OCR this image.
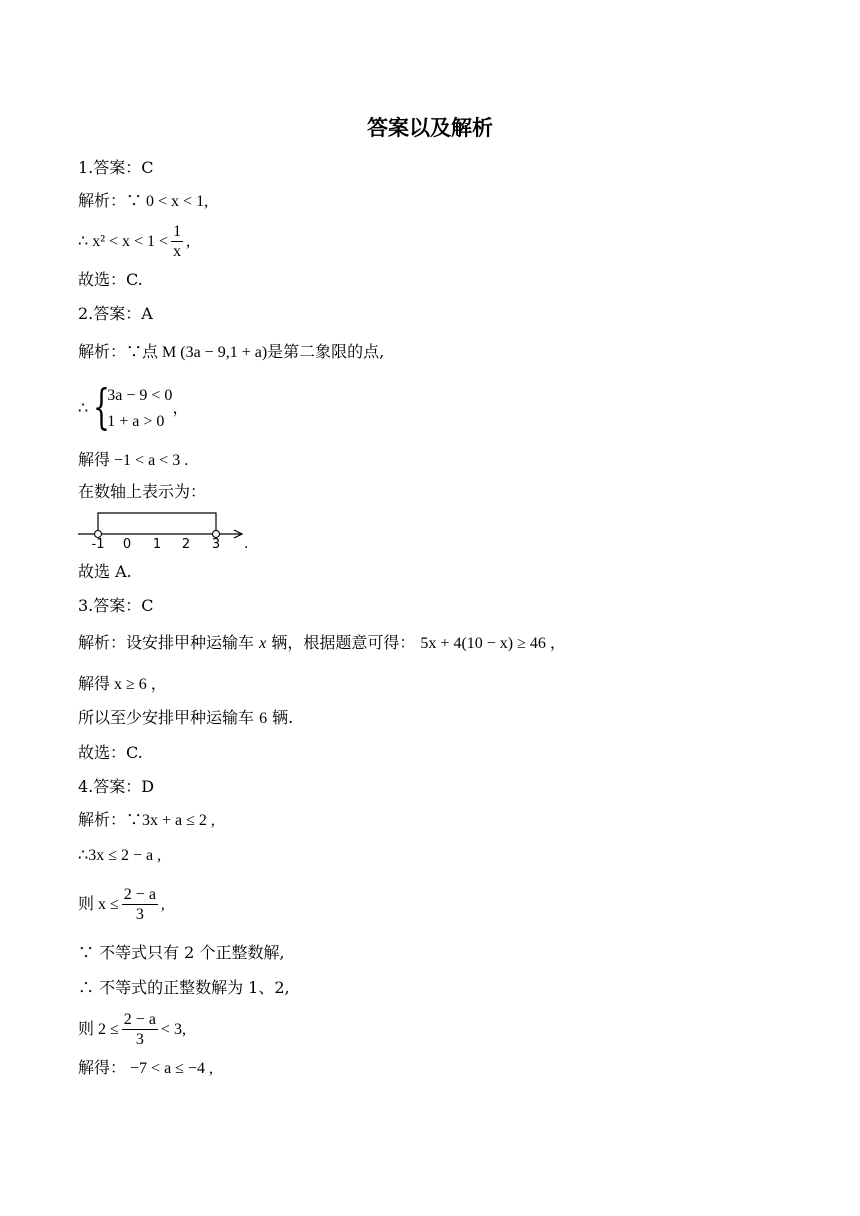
答案以及解析
1.答案：C
解析：∵ 0 < x < 1,
∴ $x^2 < x < 1 < \frac{1}{x}$ ,
故选：C.
2.答案：A
解析：∵点 M (3a − 9,1 + a)是第二象限的点,
∴ {
3a − 9 < 0
1 + a > 0
，
解得 −1 < a < 3 .
在数轴上表示为：
-1 0 1 2 3 .
故选 A.
3.答案：C
解析：设安排甲种运输车 x 辆，根据题意可得： 5x + 4(10 − x) ≥ 46 ，
解得 x ≥ 6 ，
所以至少安排甲种运输车 6 辆.
故选：C.
4.答案：D
解析：∵3x + a ≤ 2 ,
∴3x ≤ 2 − a ,
则 $x \le \frac{2 - a}{3}$ ,
∵ 不等式只有 2 个正整数解,
∴ 不等式的正整数解为 1、2,
则 $2 \le \frac{2 - a}{3} < 3$,
解得： −7 < a ≤ −4 ,
